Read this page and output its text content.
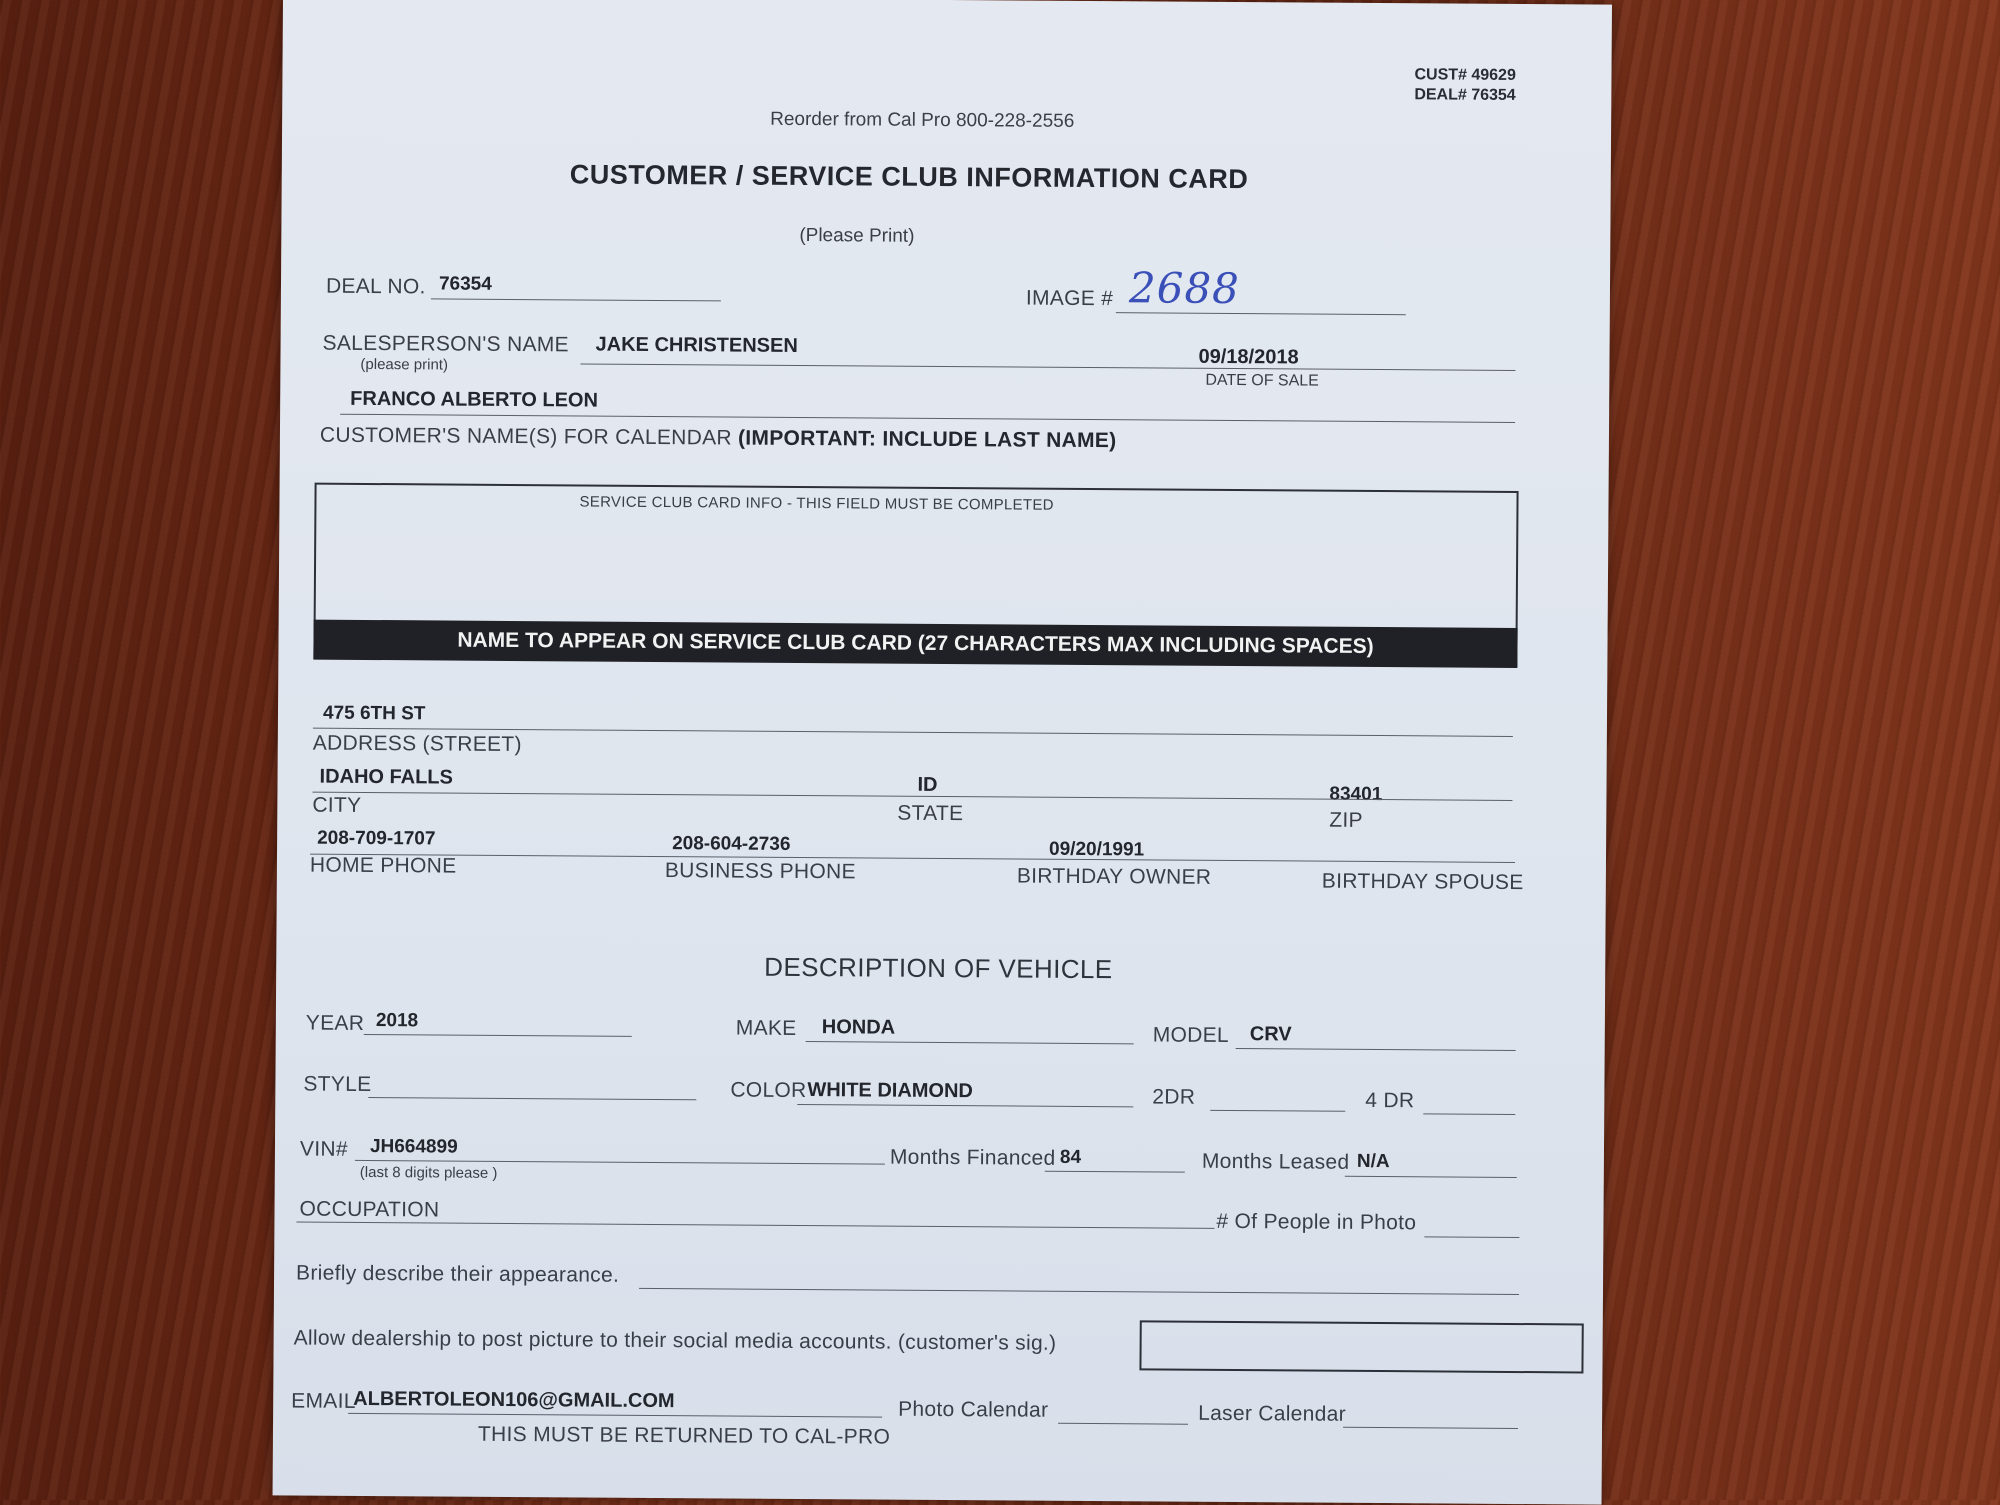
CUST# 49629
DEAL# 76354
Reorder from Cal Pro 800-228-2556
CUSTOMER / SERVICE CLUB INFORMATION CARD
(Please Print)
DEAL NO. 76354
IMAGE # 2688
SALESPERSON'S NAME JAKE CHRISTENSEN
(please print)	09/18/2018
DATE OF SALE
FRANCO ALBERTO LEON
CUSTOMER'S NAME(S) FOR CALENDAR (IMPORTANT: INCLUDE LAST NAME)
SERVICE CLUB CARD INFO - THIS FIELD MUST BE COMPLETED
NAME TO APPEAR ON SERVICE CLUB CARD (27 CHARACTERS MAX INCLUDING SPACES)
475 6TH ST
ADDRESS (STREET)
IDAHO FALLS	ID	83401
CITY	STATE	ZIP
208-709-1707	208-604-2736	09/20/1991
HOME PHONE	BUSINESS PHONE	BIRTHDAY OWNER	BIRTHDAY SPOUSE
DESCRIPTION OF VEHICLE
YEAR 2018	MAKE HONDA	MODEL CRV
STYLE	COLOR WHITE DIAMOND	2DR	4 DR
VIN# JH664899
(last 8 digits please )
Months Financed 84	Months Leased N/A
OCCUPATION
# Of People in Photo
Briefly describe their appearance.
Allow dealership to post picture to their social media accounts. (customer's sig.)
EMAIL
ALBERTOLEON106@GMAIL.COM	Photo Calendar	Laser Calendar
THIS MUST BE RETURNED TO CAL-PRO
